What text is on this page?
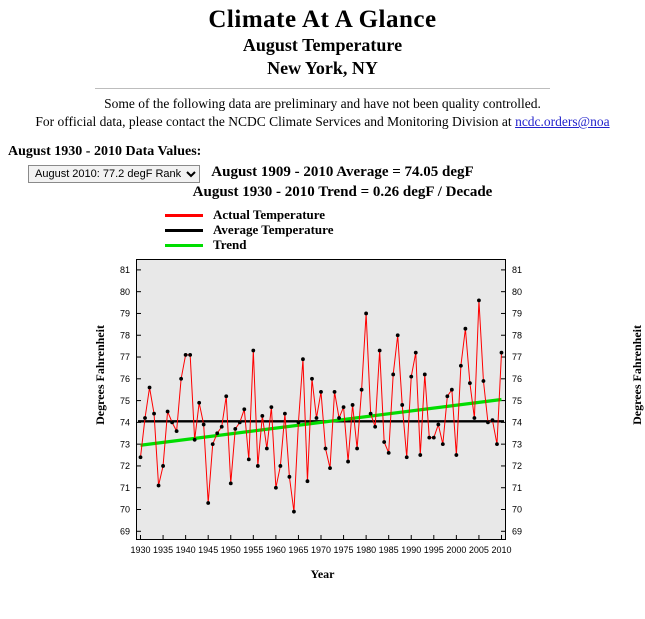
Climate At A Glance
August Temperature
New York, NY
Some of the following data are preliminary and have not been quality controlled.
For official data, please contact the NCDC Climate Services and Monitoring Division at ncdc.orders@noa
August 1930 - 2010 Data Values:
August 2010: 77.2 degF Rank: 75
August 1909 - 2010 Average = 74.05 degF
August 1930 - 2010 Trend = 0.26 degF / Decade
Actual Temperature
Average Temperature
Trend
Degrees Fahrenheit	Degrees Fahrenheit
69	69
70	70
71	71
72	72
73	73
74	74
75	75
76	76
77	77
78	78
79	79
80	80
81	81
1930 1935 1940 1945 1950 1955 1960 1965 1970 1975 1980 1985 1990 1995 2000 2005 2010
Year
